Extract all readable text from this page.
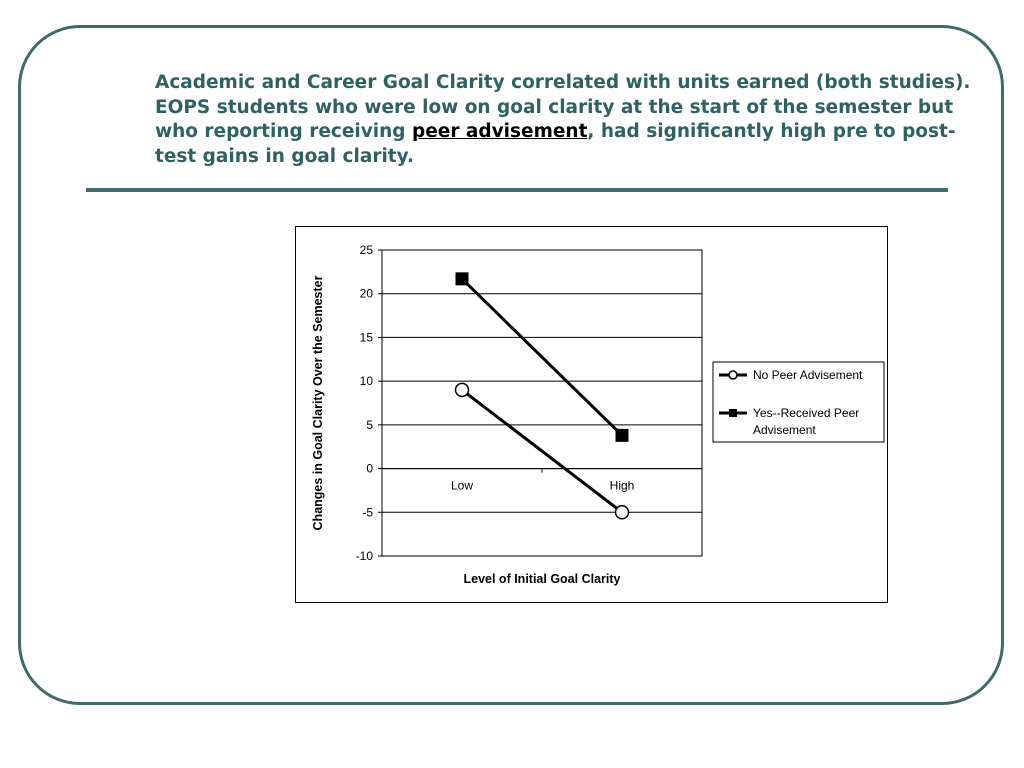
Academic and Career Goal Clarity correlated with units earned (both studies). EOPS students who were low on goal clarity at the start of the semester but who reporting receiving peer advisement, had significantly high pre to post-test gains in goal clarity.

25
20
15
10
5
0
-5
-10
Low	High
Level of Initial Goal Clarity
Changes in Goal Clarity Over the Semester	No Peer Advisement
Yes--Received Peer
Advisement
